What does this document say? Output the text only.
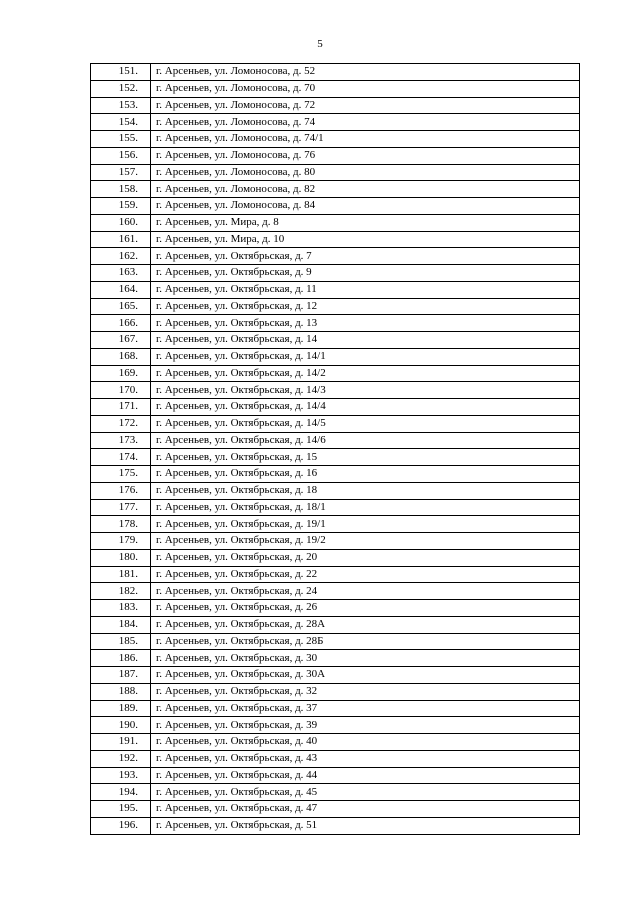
5
151.	г. Арсеньев, ул. Ломоносова, д. 52
152.	г. Арсеньев, ул. Ломоносова, д. 70
153.	г. Арсеньев, ул. Ломоносова, д. 72
154.	г. Арсеньев, ул. Ломоносова, д. 74
155.	г. Арсеньев, ул. Ломоносова, д. 74/1
156.	г. Арсеньев, ул. Ломоносова, д. 76
157.	г. Арсеньев, ул. Ломоносова, д. 80
158.	г. Арсеньев, ул. Ломоносова, д. 82
159.	г. Арсеньев, ул. Ломоносова, д. 84
160.	г. Арсеньев, ул. Мира, д. 8
161.	г. Арсеньев, ул. Мира, д. 10
162.	г. Арсеньев, ул. Октябрьская, д. 7
163.	г. Арсеньев, ул. Октябрьская, д. 9
164.	г. Арсеньев, ул. Октябрьская, д. 11
165.	г. Арсеньев, ул. Октябрьская, д. 12
166.	г. Арсеньев, ул. Октябрьская, д. 13
167.	г. Арсеньев, ул. Октябрьская, д. 14
168.	г. Арсеньев, ул. Октябрьская, д. 14/1
169.	г. Арсеньев, ул. Октябрьская, д. 14/2
170.	г. Арсеньев, ул. Октябрьская, д. 14/3
171.	г. Арсеньев, ул. Октябрьская, д. 14/4
172.	г. Арсеньев, ул. Октябрьская, д. 14/5
173.	г. Арсеньев, ул. Октябрьская, д. 14/6
174.	г. Арсеньев, ул. Октябрьская, д. 15
175.	г. Арсеньев, ул. Октябрьская, д. 16
176.	г. Арсеньев, ул. Октябрьская, д. 18
177.	г. Арсеньев, ул. Октябрьская, д. 18/1
178.	г. Арсеньев, ул. Октябрьская, д. 19/1
179.	г. Арсеньев, ул. Октябрьская, д. 19/2
180.	г. Арсеньев, ул. Октябрьская, д. 20
181.	г. Арсеньев, ул. Октябрьская, д. 22
182.	г. Арсеньев, ул. Октябрьская, д. 24
183.	г. Арсеньев, ул. Октябрьская, д. 26
184.	г. Арсеньев, ул. Октябрьская, д. 28А
185.	г. Арсеньев, ул. Октябрьская, д. 28Б
186.	г. Арсеньев, ул. Октябрьская, д. 30
187.	г. Арсеньев, ул. Октябрьская, д. 30А
188.	г. Арсеньев, ул. Октябрьская, д. 32
189.	г. Арсеньев, ул. Октябрьская, д. 37
190.	г. Арсеньев, ул. Октябрьская, д. 39
191.	г. Арсеньев, ул. Октябрьская, д. 40
192.	г. Арсеньев, ул. Октябрьская, д. 43
193.	г. Арсеньев, ул. Октябрьская, д. 44
194.	г. Арсеньев, ул. Октябрьская, д. 45
195.	г. Арсеньев, ул. Октябрьская, д. 47
196.	г. Арсеньев, ул. Октябрьская, д. 51
